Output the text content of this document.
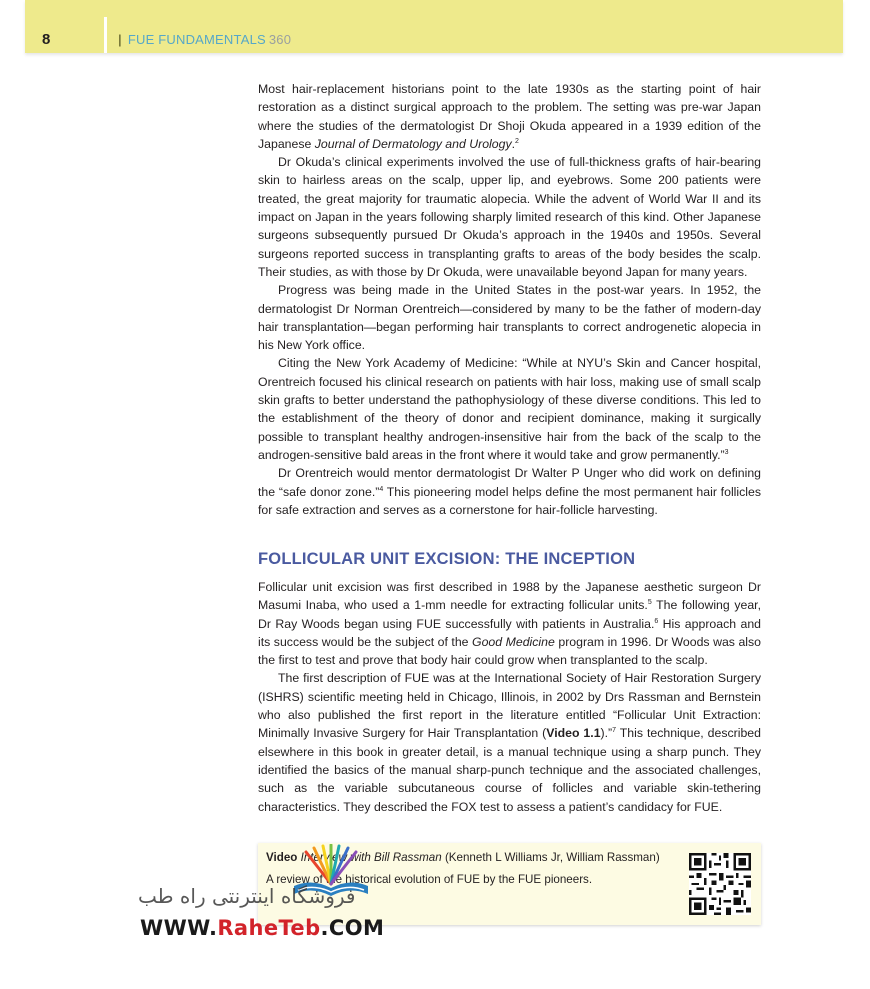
8	| FUE FUNDAMENTALS 360

Most hair-replacement historians point to the late 1930s as the starting point of hair restoration as a distinct surgical approach to the problem. The setting was pre-war Japan where the studies of the dermatologist Dr Shoji Okuda appeared in a 1939 edition of the Japanese Journal of Dermatology and Urology.$^2$

Dr Okuda’s clinical experiments involved the use of full-thickness grafts of hair-bearing skin to hairless areas on the scalp, upper lip, and eyebrows. Some 200 patients were treated, the great majority for traumatic alopecia. While the advent of World War II and its impact on Japan in the years following sharply limited research of this kind. Other Japanese surgeons subsequently pursued Dr Okuda’s approach in the 1940s and 1950s. Several surgeons reported success in transplanting grafts to areas of the body besides the scalp. Their studies, as with those by Dr Okuda, were unavailable beyond Japan for many years.

Progress was being made in the United States in the post-war years. In 1952, the dermatologist Dr Norman Orentreich—considered by many to be the father of modern-day hair transplantation—began performing hair transplants to correct androgenetic alopecia in his New York office.

Citing the New York Academy of Medicine: “While at NYU’s Skin and Cancer hospital, Orentreich focused his clinical research on patients with hair loss, making use of small scalp skin grafts to better understand the pathophysiology of these diverse conditions. This led to the establishment of the theory of donor and recipient dominance, making it surgically possible to transplant healthy androgen-insensitive hair from the back of the scalp to the androgen-sensitive bald areas in the front where it would take and grow permanently.”$^3$

Dr Orentreich would mentor dermatologist Dr Walter P Unger who did work on defining the “safe donor zone.”$^4$ This pioneering model helps define the most permanent hair follicles for safe extraction and serves as a cornerstone for hair-follicle harvesting.

FOLLICULAR UNIT EXCISION: THE INCEPTION

Follicular unit excision was first described in 1988 by the Japanese aesthetic surgeon Dr Masumi Inaba, who used a 1-mm needle for extracting follicular units.$^5$ The following year, Dr Ray Woods began using FUE successfully with patients in Australia.$^6$ His approach and its success would be the subject of the Good Medicine program in 1996. Dr Woods was also the first to test and prove that body hair could grow when transplanted to the scalp.

The first description of FUE was at the International Society of Hair Restoration Surgery (ISHRS) scientific meeting held in Chicago, Illinois, in 2002 by Drs Rassman and Bernstein who also published the first report in the literature entitled “Follicular Unit Extraction: Minimally Invasive Surgery for Hair Transplantation (Video 1.1).”$^7$ This technique, described elsewhere in this book in greater detail, is a manual technique using a sharp punch. They identified the basics of the manual sharp-punch technique and the associated challenges, such as the variable subcutaneous course of follicles and variable skin-tethering characteristics. They described the FOX test to assess a patient’s candidacy for FUE.

Video Interview with Bill Rassman (Kenneth L Williams Jr, William Rassman)
A review of the historical evolution of FUE by the FUE pioneers.
فروشگاه اینترنتی راه طب
WWW.RaheTeb.COM
